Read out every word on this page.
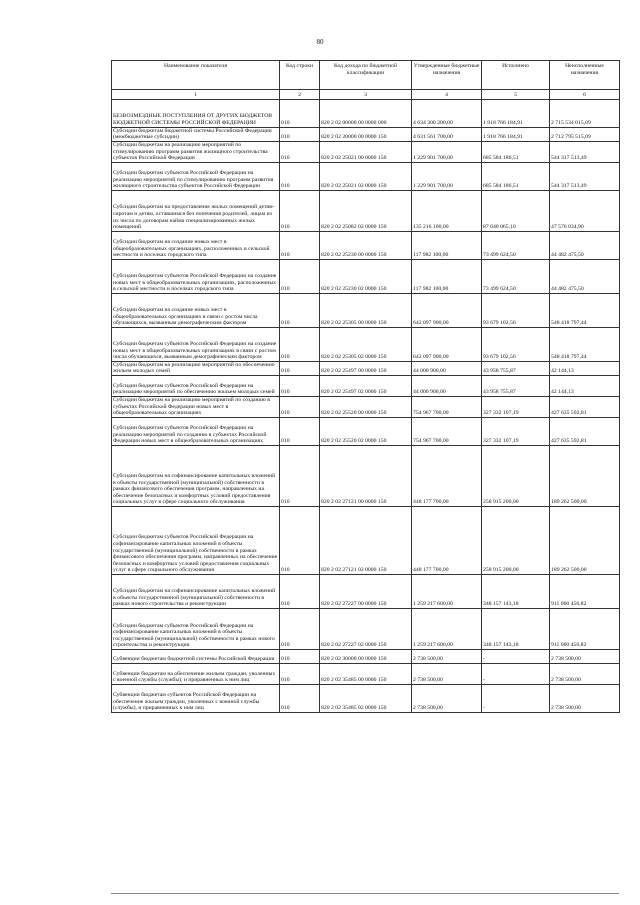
80
Наименование показателя	Код строки	Код дохода по бюджетной классификации	Утвержденные бюджетные назначения	Исполнено	Неисполненные назначения
1	2	3	4	5	6
БЕЗВОЗМЕЗДНЫЕ ПОСТУПЛЕНИЯ ОТ ДРУГИХ БЮДЖЕТОВ БЮДЖЕТНОЙ СИСТЕМЫ РОССИЙСКОЙ ФЕДЕРАЦИИ	010	820 2 02 00000 00 0000 000	4 634 300 200,00	1 918 766 184,91	2 715 534 015,09
Субсидии бюджетам бюджетной системы Российской Федерации (межбюджетные субсидии)	010	820 2 02 20000 00 0000 150	4 631 561 700,00	1 918 766 184,91	2 712 795 515,09
Субсидии бюджетам на реализацию мероприятий по стимулированию программ развития жилищного строительства субъектов Российской Федерации	010	820 2 02 25021 00 0000 150	1 229 901 700,00	685 584 186,51	544 317 513,49
Субсидии бюджетам субъектов Российской Федерации на реализацию мероприятий по стимулированию программ развития жилищного строительства субъектов Российской Федерации	010	820 2 02 25021 02 0000 150	1 229 901 700,00	685 584 186,51	544 317 513,49
Субсидии бюджетам на предоставление жилых помещений детям-сиротам и детям, оставшимся без попечения родителей, лицам из их числа по договорам найма специализированных жилых помещений	010	820 2 02 25082 02 0000 150	135 216 100,00	87 640 065,10	47 576 034,90
Субсидии бюджетам на создание новых мест в общеобразовательных организациях, расположенных в сельской местности и поселках городского типа	010	820 2 02 25230 00 0000 150	117 982 100,00	73 499 624,50	44 482 475,50
Субсидии бюджетам субъектов Российской Федерации на создание новых мест в общеобразовательных организациях, расположенных в сельской местности и поселках городского типа	010	820 2 02 25230 02 0000 150	117 982 100,00	73 499 624,50	44 482 475,50
Субсидии бюджетам на создание новых мест в общеобразовательных организациях в связи с ростом числа обучающихся, вызванным демографическим фактором	010	820 2 02 25305 00 0000 150	642 097 900,00	93 679 102,56	548 418 797,44
Субсидии бюджетам субъектов Российской Федерации на создание новых мест в общеобразовательных организациях в связи с ростом числа обучающихся, вызванным демографическим фактором	010	820 2 02 25305 02 0000 150	642 097 900,00	93 679 102,56	548 418 797,44
Субсидии бюджетам на реализацию мероприятий по обеспечению жильем молодых семей	010	820 2 02 25497 00 0000 150	44 000 900,00	43 958 755,87	42 144,13
Субсидии бюджетам субъектов Российской Федерации на реализацию мероприятий по обеспечению жильем молодых семей	010	820 2 02 25497 02 0000 150	44 000 900,00	43 958 755,87	42 144,13
Субсидии бюджетам на реализацию мероприятий по созданию в субъектах Российской Федерации новых мест в общеобразовательных организациях	010	820 2 02 25520 00 0000 150	754 967 700,00	327 332 107,19	427 635 592,81
Субсидии бюджетам субъектов Российской Федерации на реализацию мероприятий по созданию в субъектах Российской Федерации новых мест в общеобразовательных организациях	010	820 2 02 25520 02 0000 150	754 967 700,00	327 332 107,19	427 635 592,81
Субсидии бюджетам на софинансирование капитальных вложений в объекты государственной (муниципальной) собственности в рамках финансового обеспечения программ, направленных на обеспечение безопасных и комфортных условий предоставления социальных услуг в сфере социального обслуживания	010	820 2 02 27121 00 0000 150	448 177 700,00	258 915 200,00	189 262 500,00
Субсидии бюджетам субъектов Российской Федерации на софинансирование капитальных вложений в объекты государственной (муниципальной) собственности в рамках финансового обеспечения программ, направленных на обеспечение безопасных и комфортных условий предоставления социальных услуг в сфере социального обслуживания	010	820 2 02 27121 02 0000 150	448 177 700,00	258 915 200,00	189 262 500,00
Субсидии бюджетам на софинансирование капитальных вложений в объекты государственной (муниципальной) собственности в рамках нового строительства и реконструкции	010	820 2 02 27227 00 0000 150	1 259 217 600,00	348 157 143,18	911 060 456,82
Субсидии бюджетам субъектов Российской Федерации на софинансирование капитальных вложений в объекты государственной (муниципальной) собственности в рамках нового строительства и реконструкции	010	820 2 02 27227 02 0000 150	1 259 217 600,00	348 157 143,18	911 060 456,82
Субвенции бюджетам бюджетной системы Российской Федерации	010	820 2 02 30000 00 0000 150	2 738 500,00	-	2 738 500,00
Субвенции бюджетам на обеспечение жильем граждан, уволенных с военной службы (службы), и приравненных к ним лиц	010	820 2 02 35485 00 0000 150	2 738 500,00	-	2 738 500,00
Субвенции бюджетам субъектов Российской Федерации на обеспечение жильем граждан, уволенных с военной службы (службы), и приравненных к ним лиц	010	820 2 02 35485 02 0000 150	2 738 500,00	-	2 738 500,00
